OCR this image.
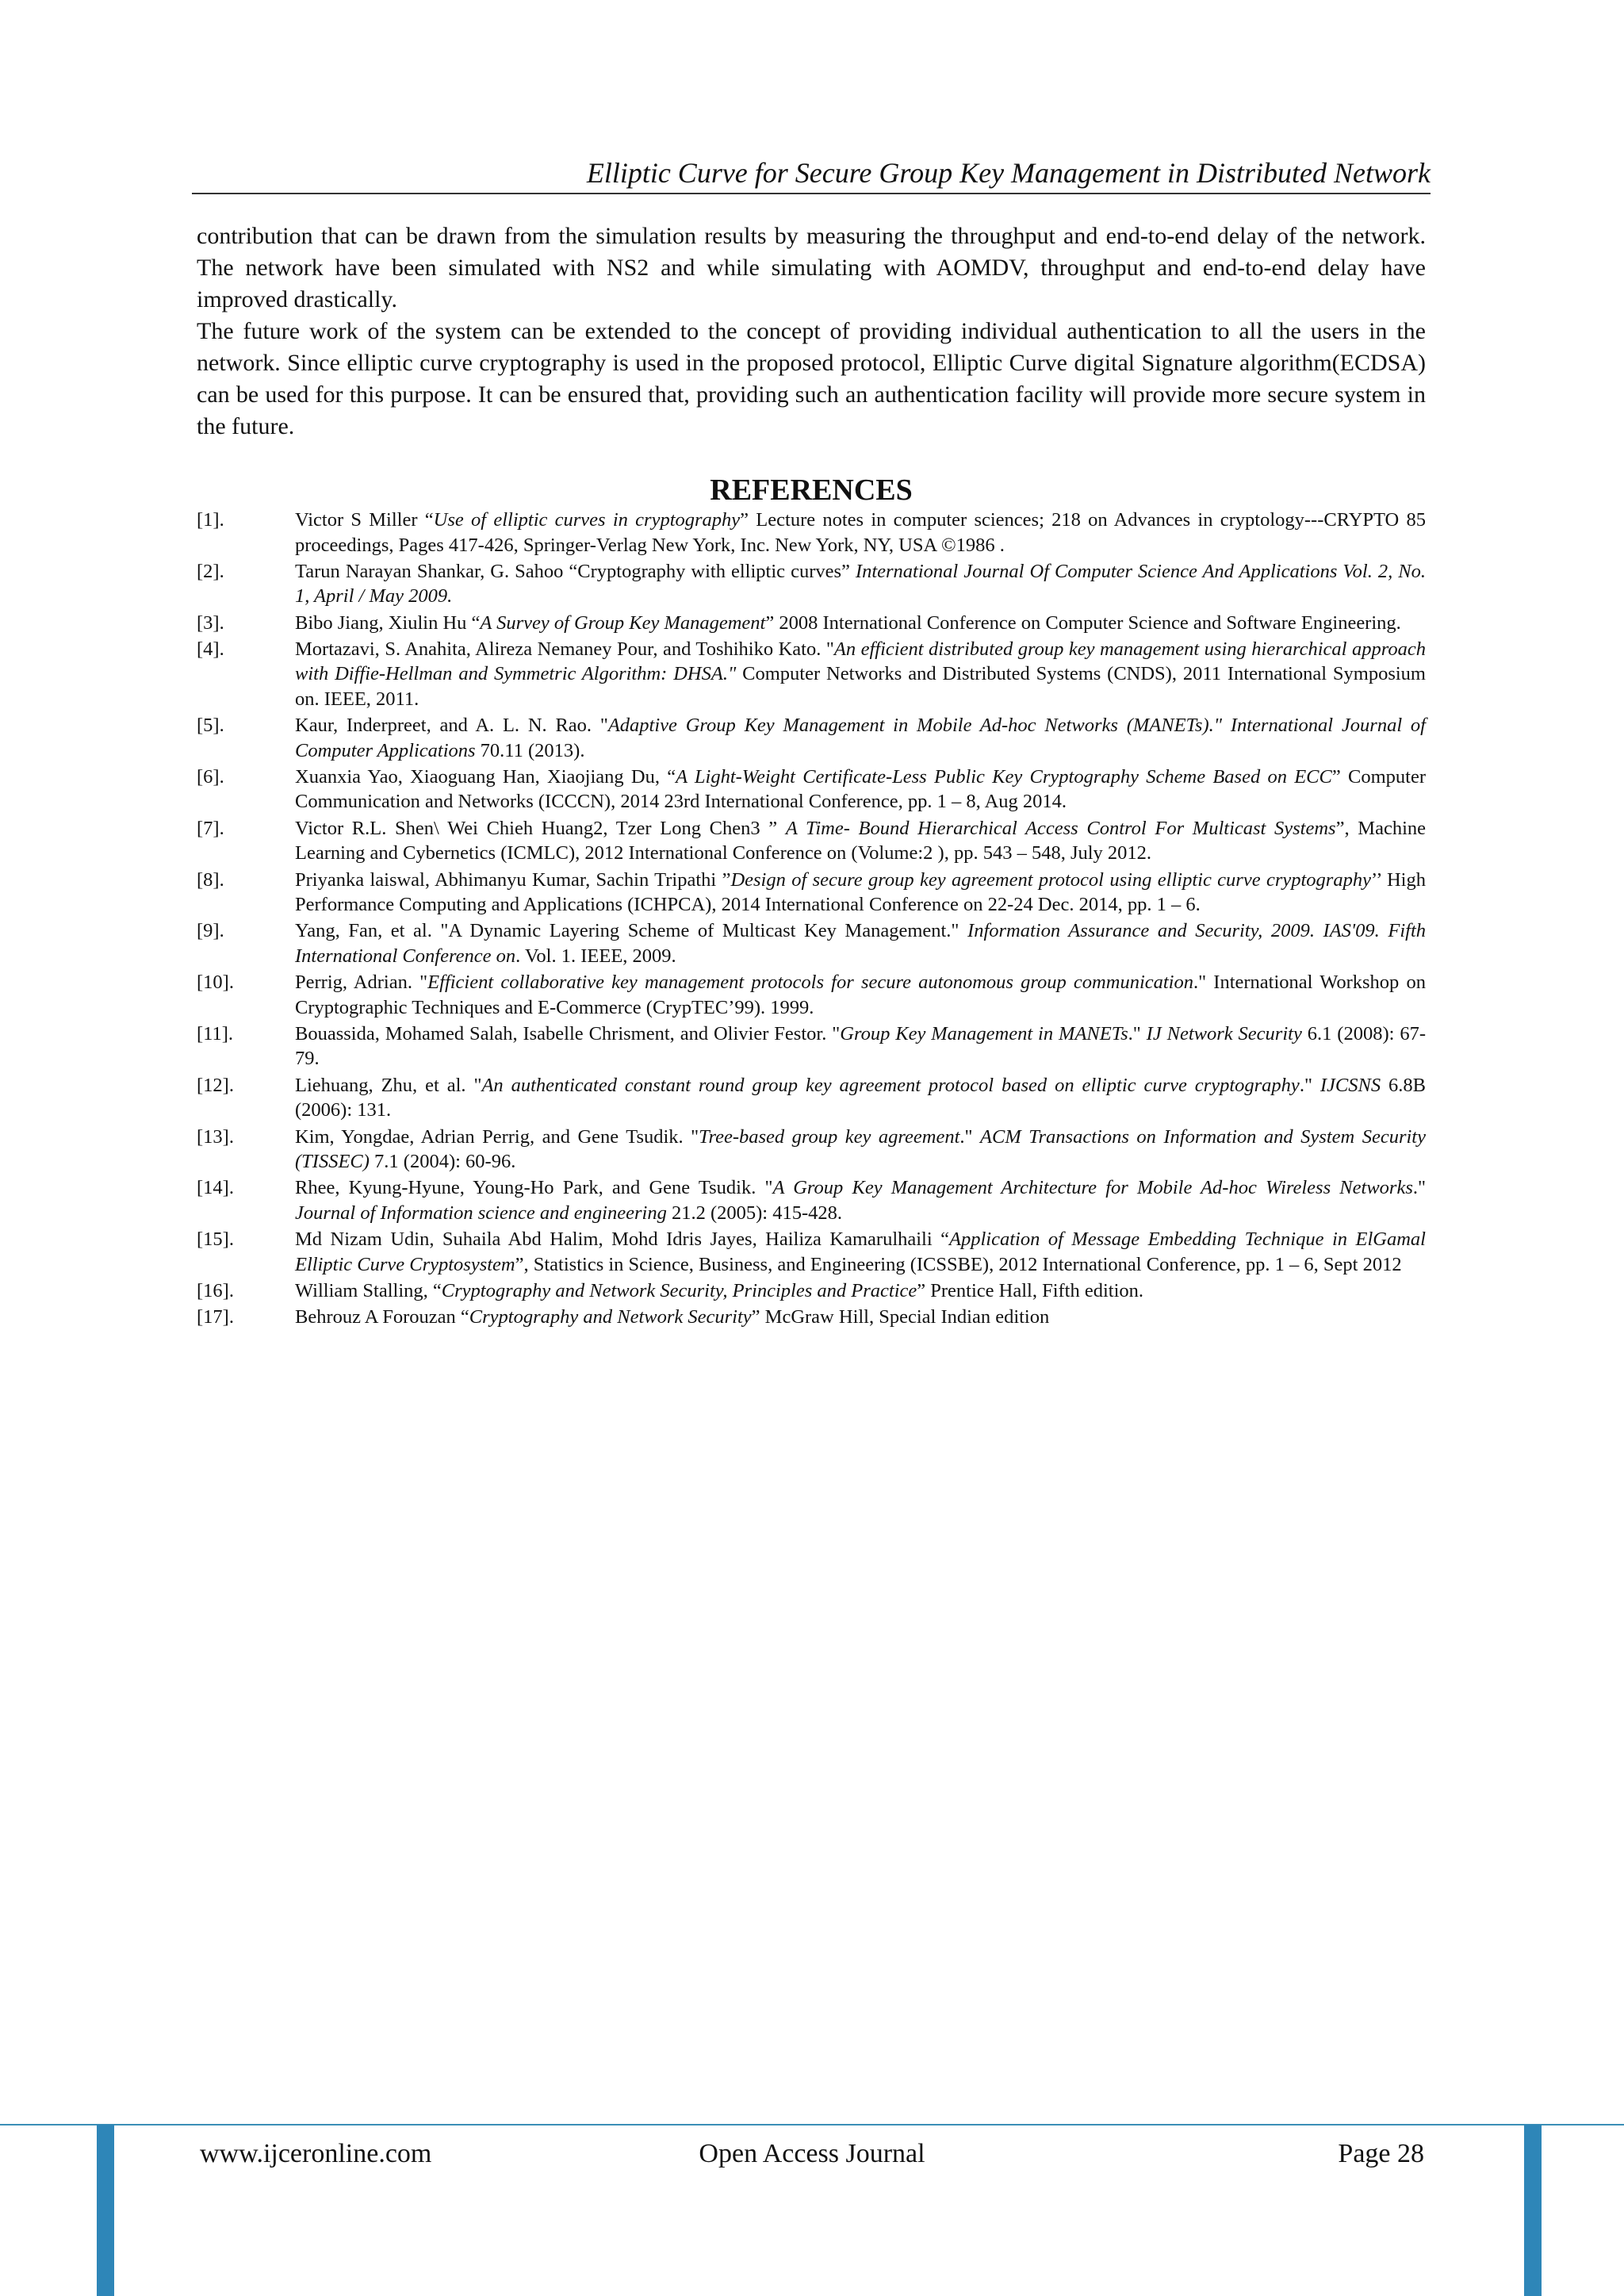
Elliptic Curve for Secure Group Key Management in Distributed Network

contribution that can be drawn from the simulation results by measuring the throughput and end-to-end delay of the network. The network have been simulated with NS2 and while simulating with AOMDV, throughput and end-to-end delay have improved drastically.

The future work of the system can be extended to the concept of providing individual authentication to all the users in the network. Since elliptic curve cryptography is used in the proposed protocol, Elliptic Curve digital Signature algorithm(ECDSA) can be used for this purpose. It can be ensured that, providing such an authentication facility will provide more secure system in the future.

REFERENCES
[1].	Victor S Miller “Use of elliptic curves in cryptography” Lecture notes in computer sciences; 218 on Advances in cryptology---CRYPTO 85 proceedings, Pages 417-426, Springer-Verlag New York, Inc. New York, NY, USA ©1986 .
[2].	Tarun Narayan Shankar, G. Sahoo “Cryptography with elliptic curves” International Journal Of Computer Science And Applications Vol. 2, No. 1, April / May 2009.
[3].	Bibo Jiang, Xiulin Hu “A Survey of Group Key Management” 2008 International Conference on Computer Science and Software Engineering.
[4].	Mortazavi, S. Anahita, Alireza Nemaney Pour, and Toshihiko Kato. "An efficient distributed group key management using hierarchical approach with Diffie-Hellman and Symmetric Algorithm: DHSA." Computer Networks and Distributed Systems (CNDS), 2011 International Symposium on. IEEE, 2011.
[5].	Kaur, Inderpreet, and A. L. N. Rao. "Adaptive Group Key Management in Mobile Ad-hoc Networks (MANETs)." International Journal of Computer Applications 70.11 (2013).
[6].	Xuanxia Yao, Xiaoguang Han, Xiaojiang Du, “A Light-Weight Certificate-Less Public Key Cryptography Scheme Based on ECC” Computer Communication and Networks (ICCCN), 2014 23rd International Conference, pp. 1 – 8, Aug 2014.
[7].	Victor R.L. Shen\ Wei Chieh Huang2, Tzer Long Chen3 ” A Time- Bound Hierarchical Access Control For Multicast Systems”, Machine Learning and Cybernetics (ICMLC), 2012 International Conference on (Volume:2 ), pp. 543 – 548, July 2012.
[8].	Priyanka laiswal, Abhimanyu Kumar, Sachin Tripathi ”Design of secure group key agreement protocol using elliptic curve cryptography’’ High Performance Computing and Applications (ICHPCA), 2014 International Conference on 22-24 Dec. 2014, pp. 1 – 6.
[9].	Yang, Fan, et al. "A Dynamic Layering Scheme of Multicast Key Management." Information Assurance and Security, 2009. IAS'09. Fifth International Conference on. Vol. 1. IEEE, 2009.
[10].	Perrig, Adrian. "Efficient collaborative key management protocols for secure autonomous group communication." International Workshop on Cryptographic Techniques and E-Commerce (CrypTEC’99). 1999.
[11].	Bouassida, Mohamed Salah, Isabelle Chrisment, and Olivier Festor. "Group Key Management in MANETs." IJ Network Security 6.1 (2008): 67-79.
[12].	Liehuang, Zhu, et al. "An authenticated constant round group key agreement protocol based on elliptic curve cryptography." IJCSNS 6.8B (2006): 131.
[13].	Kim, Yongdae, Adrian Perrig, and Gene Tsudik. "Tree-based group key agreement." ACM Transactions on Information and System Security (TISSEC) 7.1 (2004): 60-96.
[14].	Rhee, Kyung-Hyune, Young-Ho Park, and Gene Tsudik. "A Group Key Management Architecture for Mobile Ad-hoc Wireless Networks." Journal of Information science and engineering 21.2 (2005): 415-428.
[15].	Md Nizam Udin, Suhaila Abd Halim, Mohd Idris Jayes, Hailiza Kamarulhaili “Application of Message Embedding Technique in ElGamal Elliptic Curve Cryptosystem”, Statistics in Science, Business, and Engineering (ICSSBE), 2012 International Conference, pp. 1 – 6, Sept 2012
[16].	William Stalling, “Cryptography and Network Security, Principles and Practice” Prentice Hall, Fifth edition.
[17].	Behrouz A Forouzan “Cryptography and Network Security” McGraw Hill, Special Indian edition
www.ijceronline.com	Open Access Journal	Page 28
